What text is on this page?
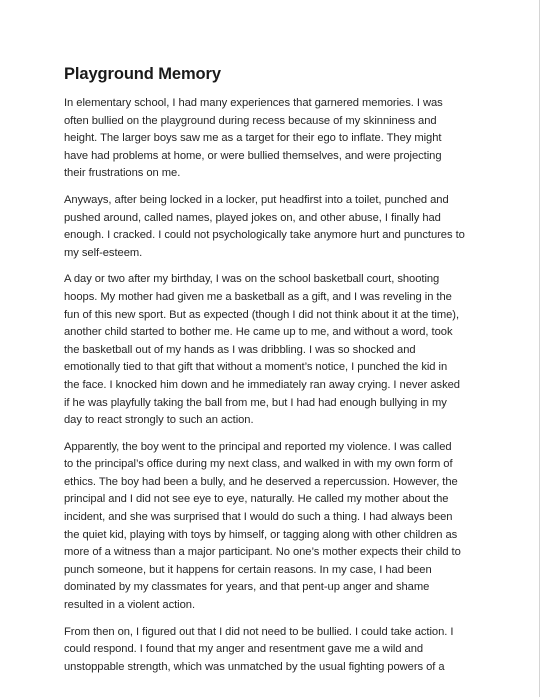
Playground Memory

In elementary school, I had many experiences that garnered memories. I was
often bullied on the playground during recess because of my skinniness and
height. The larger boys saw me as a target for their ego to inflate. They might
have had problems at home, or were bullied themselves, and were projecting
their frustrations on me.

Anyways, after being locked in a locker, put headfirst into a toilet, punched and
pushed around, called names, played jokes on, and other abuse, I finally had
enough. I cracked. I could not psychologically take anymore hurt and punctures to
my self-esteem.

A day or two after my birthday, I was on the school basketball court, shooting
hoops. My mother had given me a basketball as a gift, and I was reveling in the
fun of this new sport. But as expected (though I did not think about it at the time),
another child started to bother me. He came up to me, and without a word, took
the basketball out of my hands as I was dribbling. I was so shocked and
emotionally tied to that gift that without a moment’s notice, I punched the kid in
the face. I knocked him down and he immediately ran away crying. I never asked
if he was playfully taking the ball from me, but I had had enough bullying in my
day to react strongly to such an action.

Apparently, the boy went to the principal and reported my violence. I was called
to the principal’s office during my next class, and walked in with my own form of
ethics. The boy had been a bully, and he deserved a repercussion. However, the
principal and I did not see eye to eye, naturally. He called my mother about the
incident, and she was surprised that I would do such a thing. I had always been
the quiet kid, playing with toys by himself, or tagging along with other children as
more of a witness than a major participant. No one’s mother expects their child to
punch someone, but it happens for certain reasons. In my case, I had been
dominated by my classmates for years, and that pent-up anger and shame
resulted in a violent action.

From then on, I figured out that I did not need to be bullied. I could take action. I
could respond. I found that my anger and resentment gave me a wild and
unstoppable strength, which was unmatched by the usual fighting powers of a
